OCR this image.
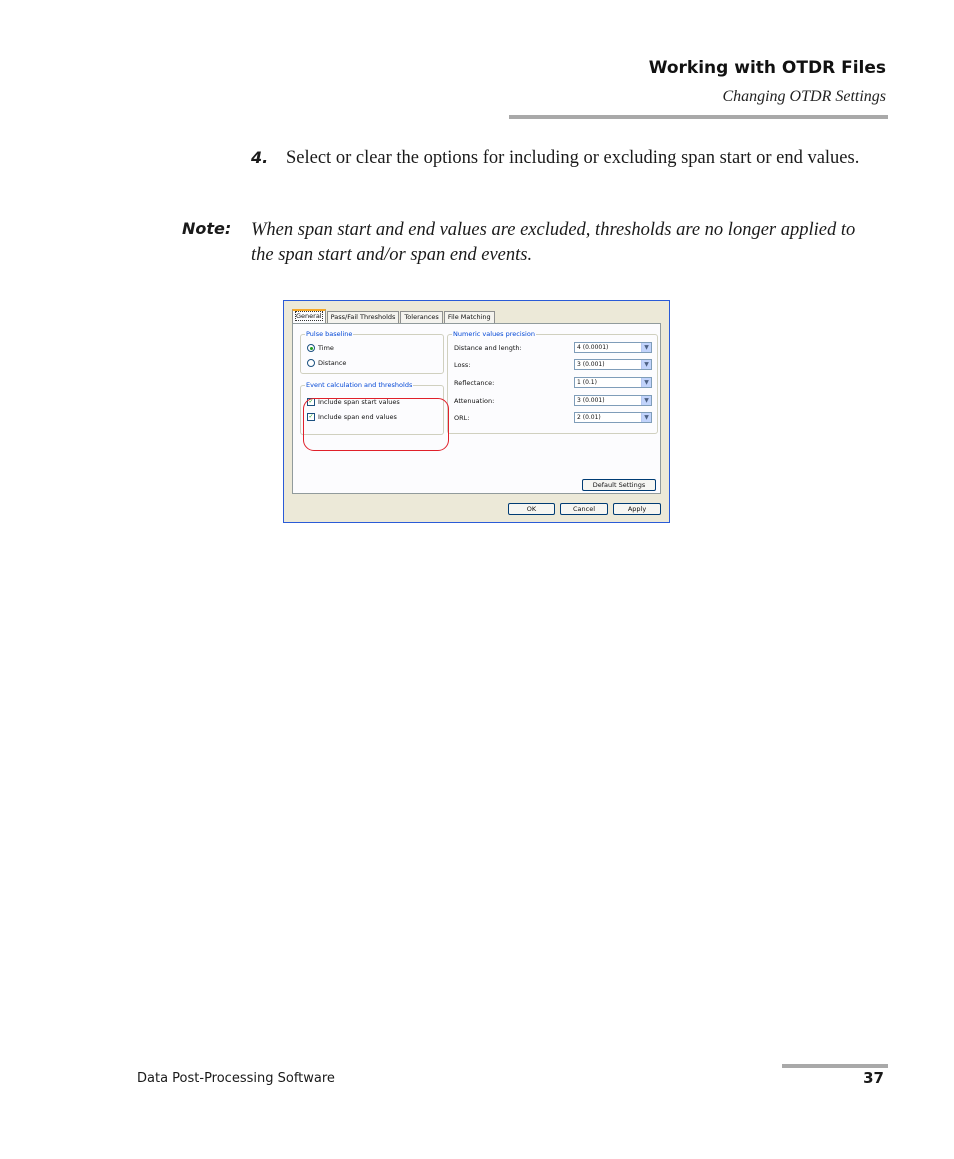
Working with OTDR Files
Changing OTDR Settings
4. Select or clear the options for including or excluding span start or end values.
Note: When span start and end values are excluded, thresholds are no longer applied to the span start and/or span end events.
General	Pass/Fail Thresholds	Tolerances	File Matching
Pulse baseline
Time
Distance
Event calculation and thresholds
✓ Include span start values
✓ Include span end values
Numeric values precision
Distance and length:	4 (0.0001)	▼
Loss:	3 (0.001)	▼
Reflectance:	1 (0.1)	▼
Attenuation:	3 (0.001)	▼
ORL:	2 (0.01)	▼
Default Settings
OK	Cancel	Apply
Data Post-Processing Software	37
